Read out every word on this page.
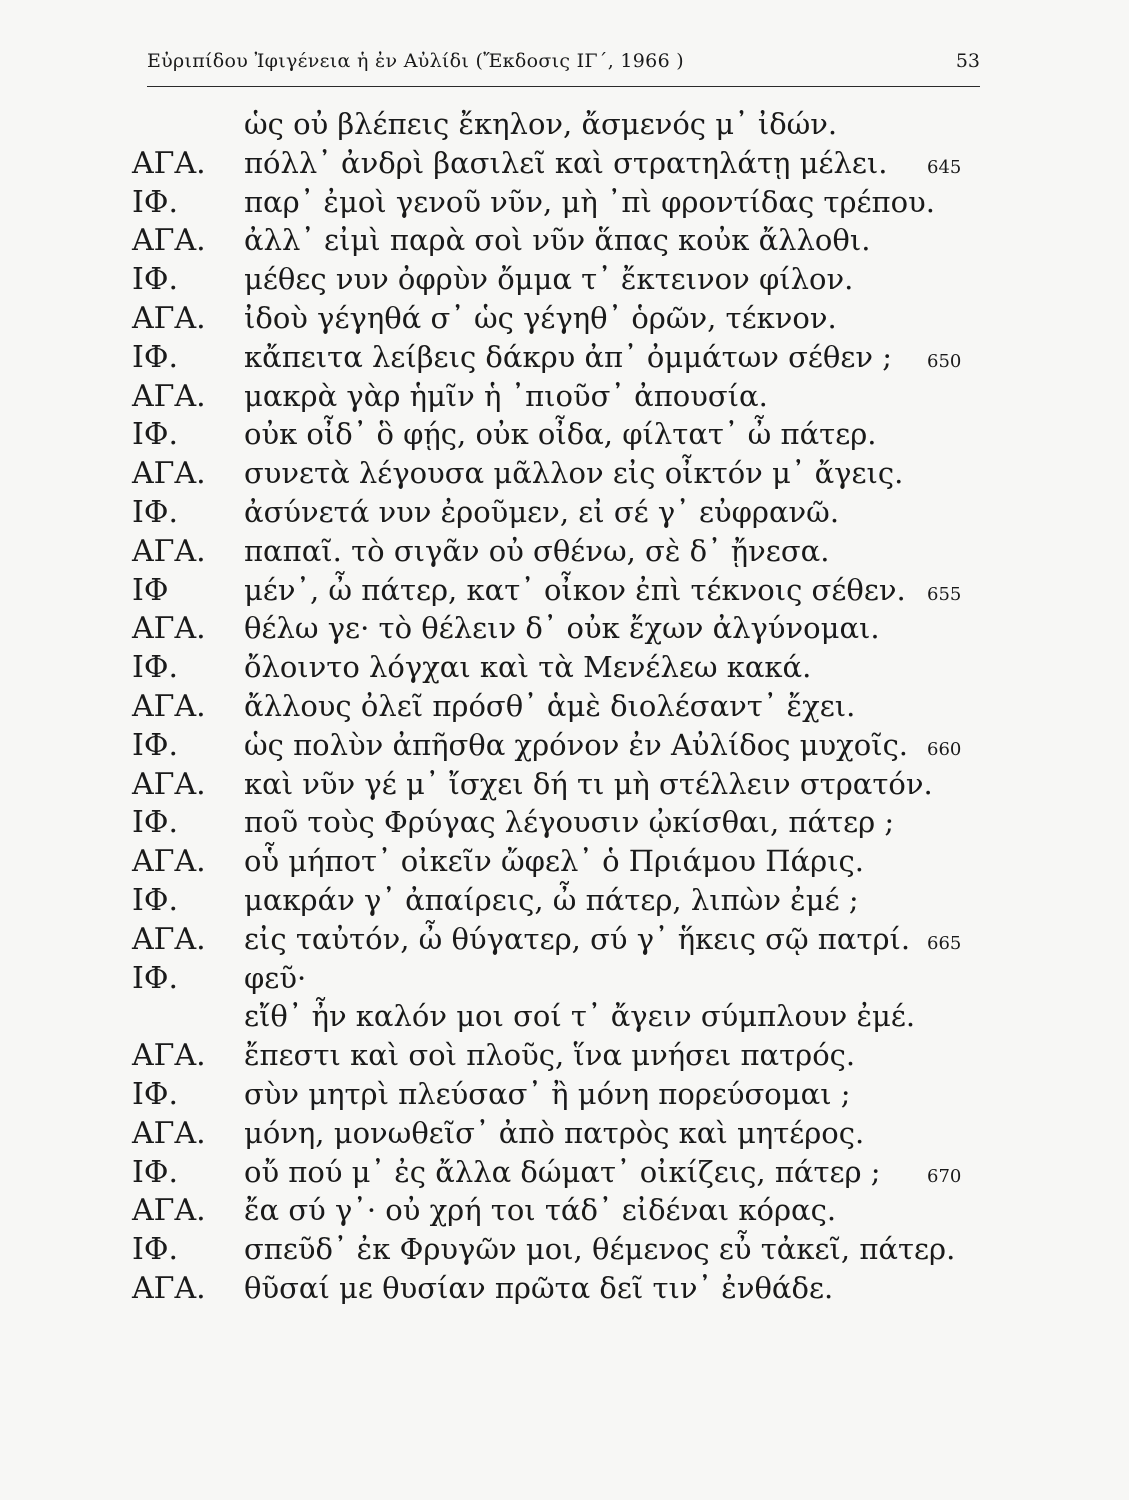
Εὐριπίδου Ἰφιγένεια ἡ ἐν Αὐλίδι (Ἔκδοσις ΙΓ΄, 1966 )	53
ὡς οὐ βλέπεις ἔκηλον, ἄσμενός μ᾽ ἰδών.
ΑΓΑ. πόλλ᾽ ἀνδρὶ βασιλεῖ καὶ στρατηλάτῃ μέλει. 645
ΙΦ. παρ᾽ ἐμοὶ γενοῦ νῦν, μὴ ᾽πὶ φροντίδας τρέπου.
ΑΓΑ. ἀλλ᾽ εἰμὶ παρὰ σοὶ νῦν ἅπας κοὐκ ἄλλοθι.
ΙΦ. μέθες νυν ὀφρὺν ὄμμα τ᾽ ἔκτεινον φίλον.
ΑΓΑ. ἰδοὺ γέγηθά σ᾽ ὡς γέγηθ᾽ ὁρῶν, τέκνον.
ΙΦ. κἄπειτα λείβεις δάκρυ ἀπ᾽ ὀμμάτων σέθεν ; 650
ΑΓΑ. μακρὰ γὰρ ἡμῖν ἡ ᾽πιοῦσ᾽ ἀπουσία.
ΙΦ. οὐκ οἶδ᾽ ὃ φῄς, οὐκ οἶδα, φίλτατ᾽ ὦ πάτερ.
ΑΓΑ. συνετὰ λέγουσα μᾶλλον εἰς οἶκτόν μ᾽ ἄγεις.
ΙΦ. ἀσύνετά νυν ἐροῦμεν, εἰ σέ γ᾽ εὐφρανῶ.
ΑΓΑ. παπαῖ. τὸ σιγᾶν οὐ σθένω, σὲ δ᾽ ᾔνεσα.
ΙΦ	μέν᾽, ὦ πάτερ, κατ᾽ οἶκον ἐπὶ τέκνοις σέθεν. 655
ΑΓΑ. θέλω γε· τὸ θέλειν δ᾽ οὐκ ἔχων ἀλγύνομαι.
ΙΦ. ὄλοιντο λόγχαι καὶ τὰ Μενέλεω κακά.
ΑΓΑ. ἄλλους ὀλεῖ πρόσθ᾽ ἁμὲ διολέσαντ᾽ ἔχει.
ΙΦ. ὡς πολὺν ἀπῆσθα χρόνον ἐν Αὐλίδος μυχοῖς. 660
ΑΓΑ. καὶ νῦν γέ μ᾽ ἴσχει δή τι μὴ στέλλειν στρατόν.
ΙΦ. ποῦ τοὺς Φρύγας λέγουσιν ᾠκίσθαι, πάτερ ;
ΑΓΑ. οὗ μήποτ᾽ οἰκεῖν ὤφελ᾽ ὁ Πριάμου Πάρις.
ΙΦ. μακράν γ᾽ ἀπαίρεις, ὦ πάτερ, λιπὼν ἐμέ ;
ΑΓΑ. εἰς ταὐτόν, ὦ θύγατερ, σύ γ᾽ ἥκεις σῷ πατρί. 665
ΙΦ. φεῦ·
εἴθ᾽ ἦν καλόν μοι σοί τ᾽ ἄγειν σύμπλουν ἐμέ.
ΑΓΑ. ἔπεστι καὶ σοὶ πλοῦς, ἵνα μνήσει πατρός.
ΙΦ. σὺν μητρὶ πλεύσασ᾽ ἢ μόνη πορεύσομαι ;
ΑΓΑ. μόνη, μονωθεῖσ᾽ ἀπὸ πατρὸς καὶ μητέρος.
ΙΦ. οὔ πού μ᾽ ἐς ἄλλα δώματ᾽ οἰκίζεις, πάτερ ;	670
ΑΓΑ. ἔα σύ γ᾽· οὐ χρή τοι τάδ᾽ εἰδέναι κόρας.
ΙΦ. σπεῦδ᾽ ἐκ Φρυγῶν μοι, θέμενος εὖ τἀκεῖ, πάτερ.
ΑΓΑ. θῦσαί με θυσίαν πρῶτα δεῖ τιν᾽ ἐνθάδε.
